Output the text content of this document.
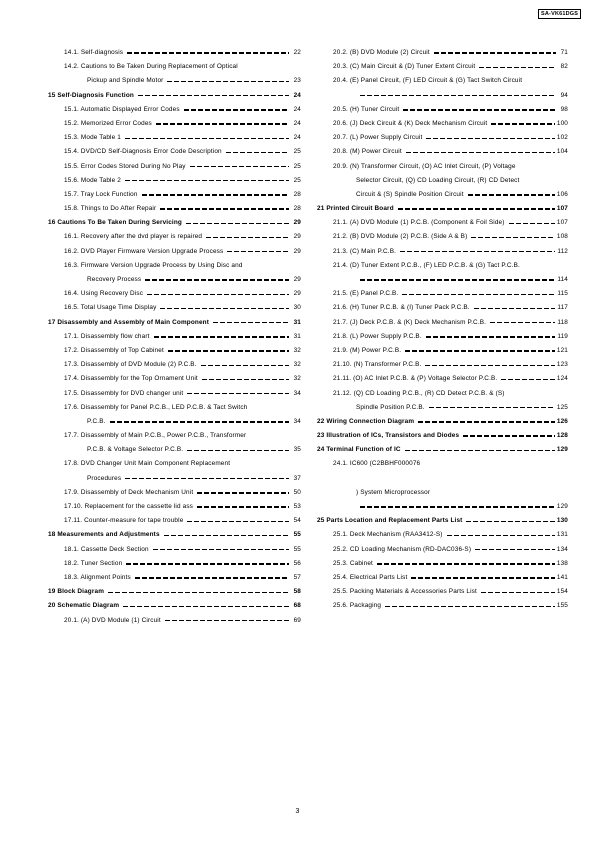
SA-VK61DGS
14.1. Self-diagnosis	22
14.2. Cautions to Be Taken During Replacement of Optical
Pickup and Spindle Motor	23
15 Self-Diagnosis Function	24
15.1. Automatic Displayed Error Codes	24
15.2. Memorized Error Codes	24
15.3. Mode Table 1	24
15.4. DVD/CD Self-Diagnosis Error Code Description	25
15.5. Error Codes Stored During No Play	25
15.6. Mode Table 2	25
15.7. Tray Lock Function	28
15.8. Things to Do After Repair	28
16 Cautions To Be Taken During Servicing	29
16.1. Recovery after the dvd player is repaired	29
16.2. DVD Player Firmware Version Upgrade Process	29
16.3. Firmware Version Upgrade Process by Using Disc and
Recovery Process	29
16.4. Using Recovery Disc	29
16.5. Total Usage Time Display	30
17 Disassembly and Assembly of Main Component	31
17.1. Disassembly flow chart	31
17.2. Disassembly of Top Cabinet	32
17.3. Disassembly of DVD Module (2) P.C.B.	32
17.4. Disassembly for the Top Ornament Unit	32
17.5. Disassembly for DVD changer unit	34
17.6. Disassembly for Panel P.C.B., LED P.C.B. & Tact Switch
P.C.B.	34
17.7. Disassembly of Main P.C.B., Power P.C.B., Transformer
P.C.B. & Voltage Selector P.C.B.	35
17.8. DVD Changer Unit Main Component Replacement
Procedures	37
17.9. Disassembly of Deck Mechanism Unit	50
17.10. Replacement for the cassette lid ass	53
17.11. Counter-measure for tape trouble	54
18 Measurements and Adjustments	55
18.1. Cassette Deck Section	55
18.2. Tuner Section	56
18.3. Alignment Points	57
19 Block Diagram	58
20 Schematic Diagram	68
20.1. (A) DVD Module (1) Circuit	69
20.2. (B) DVD Module (2) Circuit	71
20.3. (C) Main Circuit & (D) Tuner Extent Circuit	82
20.4. (E) Panel Circuit, (F) LED Circuit & (G) Tact Switch Circuit
94
20.5. (H) Tuner Circuit	98
20.6. (J) Deck Circuit & (K) Deck Mechanism Circuit	100
20.7. (L) Power Supply Circuit	102
20.8. (M) Power Circuit	104
20.9. (N) Transformer Circuit, (O) AC Inlet Circuit, (P) Voltage
Selector Circuit, (Q) CD Loading Circuit, (R) CD Detect
Circuit & (S) Spindle Position Circuit	106
21 Printed Circuit Board	107
21.1. (A) DVD Module (1) P.C.B. (Component & Foil Side)	107
21.2. (B) DVD Module (2) P.C.B. (Side A & B)	108
21.3. (C) Main P.C.B.	112
21.4. (D) Tuner Extent P.C.B., (F) LED P.C.B. & (G) Tact P.C.B.
114
21.5. (E) Panel P.C.B.	115
21.6. (H) Tuner P.C.B. & (I) Tuner Pack P.C.B.	117
21.7. (J) Deck P.C.B. & (K) Deck Mechanism P.C.B.	118
21.8. (L) Power Supply P.C.B.	119
21.9. (M) Power P.C.B.	121
21.10. (N) Transformer P.C.B.	123
21.11. (O) AC Inlet P.C.B. & (P) Voltage Selector P.C.B.	124
21.12. (Q) CD Loading P.C.B., (R) CD Detect P.C.B. & (S)
Spindle Position P.C.B.	125
22 Wiring Connection Diagram	126
23 Illustration of ICs, Transistors and Diodes	128
24 Terminal Function of IC	129
24.1. IC600 (C2BBHF000076
) System Microprocessor
129
25 Parts Location and Replacement Parts List	130
25.1. Deck Mechanism (RAA3412-S)	131
25.2. CD Loading Mechanism (RD-DAC036-S)	134
25.3. Cabinet	138
25.4. Electrical Parts List	141
25.5. Packing Materials & Accessories Parts List	154
25.6. Packaging	155
3
